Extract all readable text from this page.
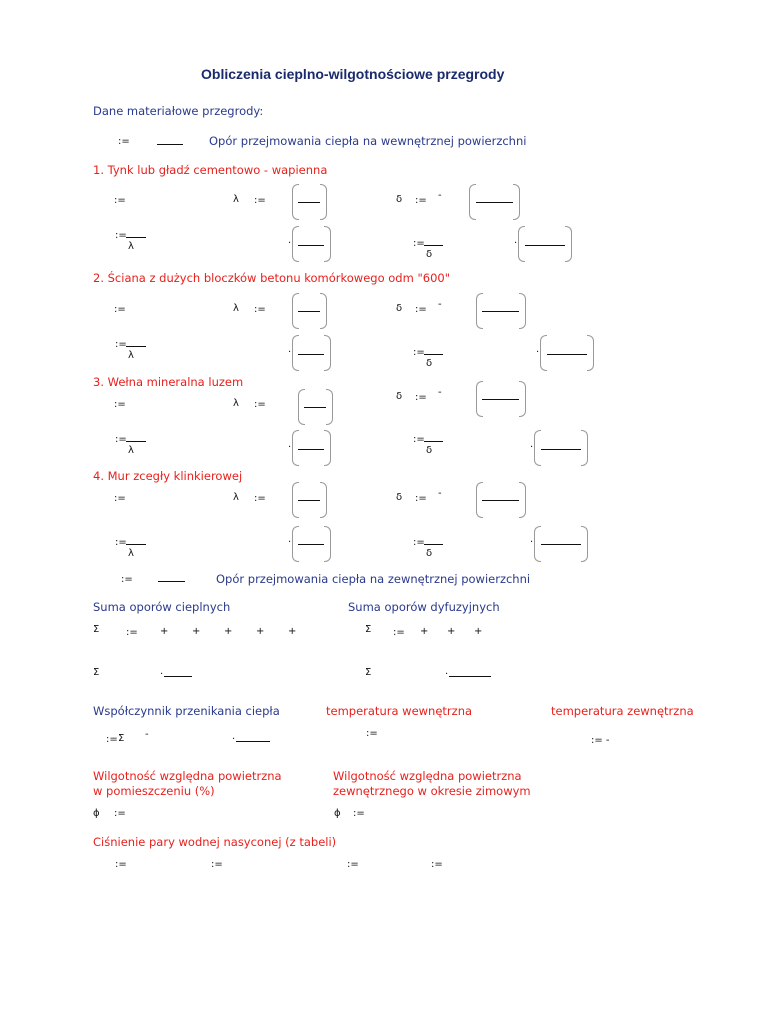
Obliczenia cieplno-wilgotnościowe przegrody
Dane materiałowe przegrody:
:=	Opór przejmowania ciepła na wewnętrznej powierzchni
1. Tynk lub gładź cementowo - wapienna
:=	λ :=	δ := -
:=
λ	·	:=
δ
·
2. Ściana z dużych bloczków betonu komórkowego odm "600"
:=	λ :=	δ := -
:=
λ	·	:=
δ
·
3. Wełna mineralna luzem
:=	λ :=
δ := -
:=
λ	·
:=
δ	·
4. Mur zcegły klinkierowej
:=	λ :=	δ := -
:=
λ
·	:=
δ
·
:=	Opór przejmowania ciepła na zewnętrznej powierzchni
Suma oporów cieplnych	Suma oporów dyfuzyjnych
Σ	:= + + + + +	Σ := + + +
Σ	·	Σ	·
Współczynnik przenikania ciepła	temperatura wewnętrzna	temperatura zewnętrzna
:= Σ -	·
:=
:= -
Wilgotność względna powietrzna
w pomieszczeniu (%)
Wilgotność względna powietrzna
zewnętrznego w okresie zimowym
ϕ :=	ϕ :=
Ciśnienie pary wodnej nasyconej (z tabeli)
:=	:=	:=	:=
